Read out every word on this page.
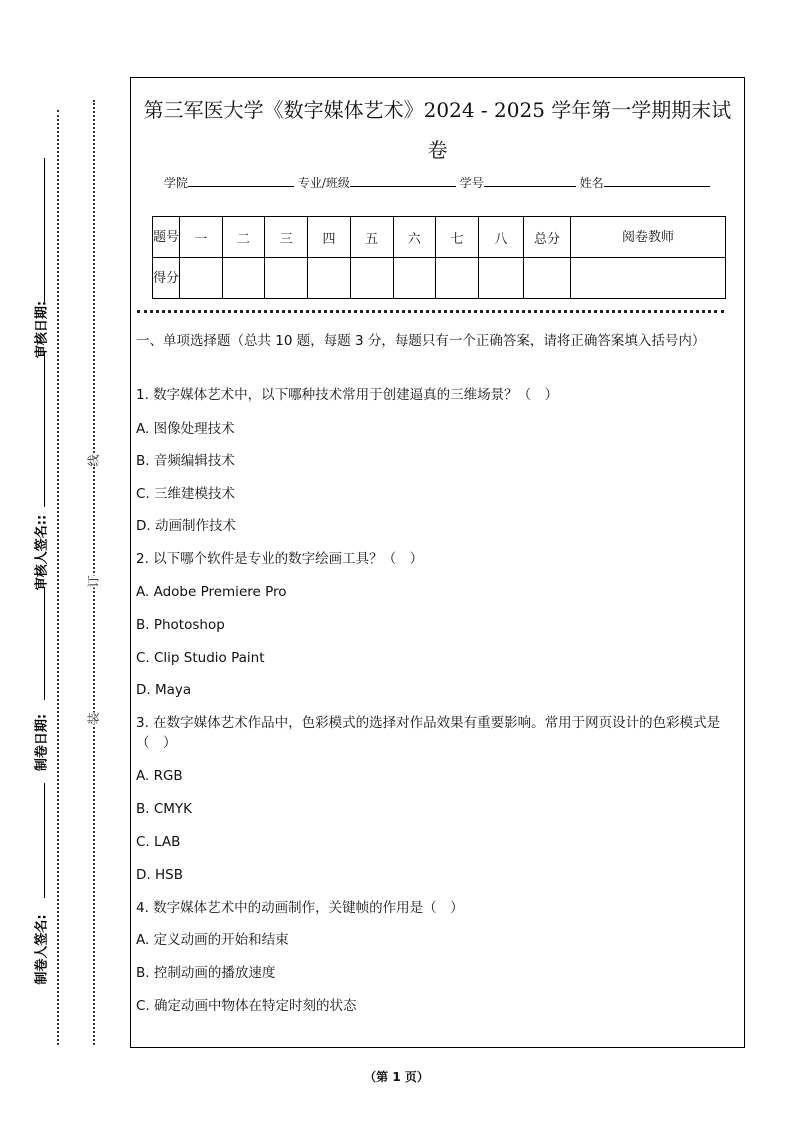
审核日期:
审核人签名::
制卷日期:
制卷人签名:
线
订
装
第三军医大学《数字媒体艺术》2024 - 2025 学年第一学期期末试
卷
学院	专业/班级	学号	姓名
题号	一	二	三	四	五	六	七	八	总分	阅卷教师
得分										
一、单项选择题（总共 10 题，每题 3 分，每题只有一个正确答案，请将正确答案填入括号内）
1. 数字媒体艺术中，以下哪种技术常用于创建逼真的三维场景？（　）
A. 图像处理技术
B. 音频编辑技术
C. 三维建模技术
D. 动画制作技术
2. 以下哪个软件是专业的数字绘画工具？（　）
A. Adobe Premiere Pro
B. Photoshop
C. Clip Studio Paint
D. Maya
3. 在数字媒体艺术作品中，色彩模式的选择对作品效果有重要影响。常用于网页设计的色彩模式是（　）
A. RGB
B. CMYK
C. LAB
D. HSB
4. 数字媒体艺术中的动画制作，关键帧的作用是（　）
A. 定义动画的开始和结束
B. 控制动画的播放速度
C. 确定动画中物体在特定时刻的状态
（第 1 页）
